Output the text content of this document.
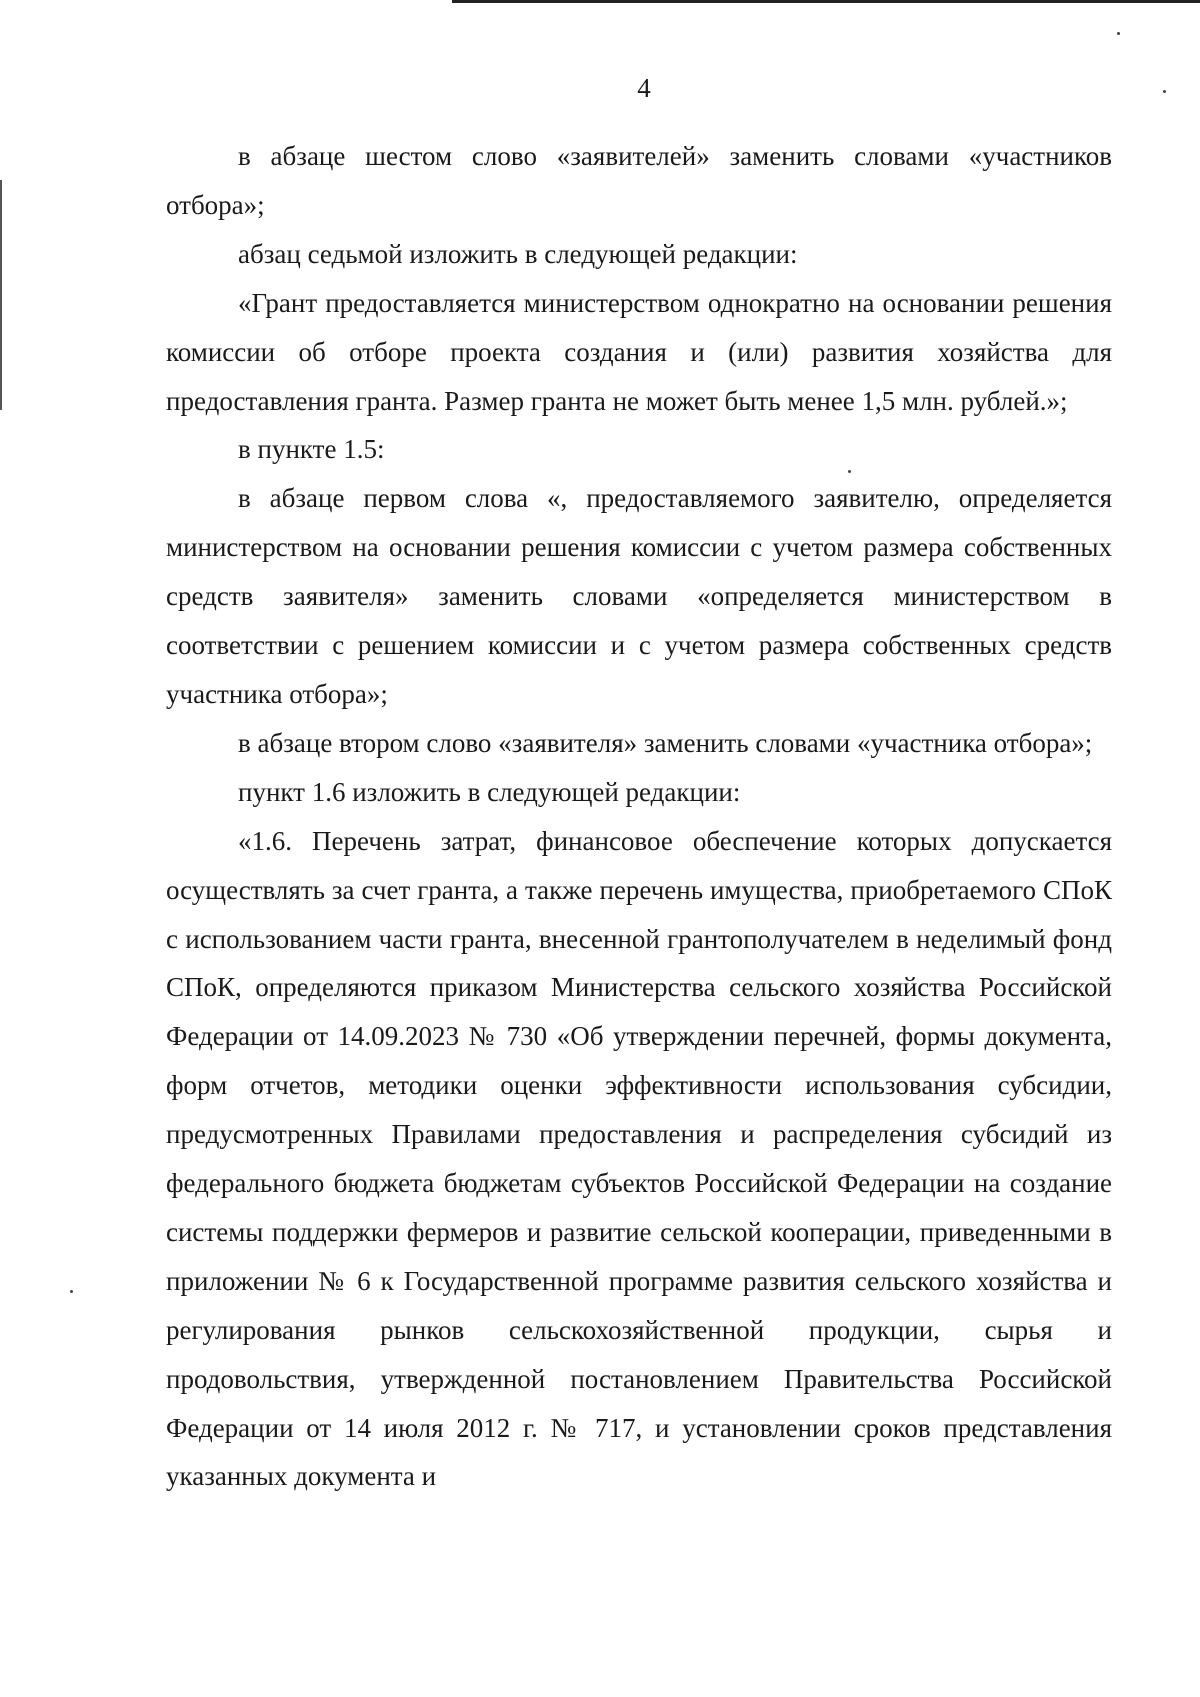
4

в абзаце шестом слово «заявителей» заменить словами «участников отбора»;

абзац седьмой изложить в следующей редакции:

«Грант предоставляется министерством однократно на основании решения комиссии об отборе проекта создания и (или) развития хозяйства для предоставления гранта. Размер гранта не может быть менее 1,5 млн. рублей.»;

в пункте 1.5:

в абзаце первом слова «, предоставляемого заявителю, определяется министерством на основании решения комиссии с учетом размера собственных средств заявителя» заменить словами «определяется министерством в соответствии с решением комиссии и с учетом размера собственных средств участника отбора»;

в абзаце втором слово «заявителя» заменить словами «участника отбора»;

пункт 1.6 изложить в следующей редакции:

«1.6. Перечень затрат, финансовое обеспечение которых допускается осуществлять за счет гранта, а также перечень имущества, приобретаемого СПоК с использованием части гранта, внесенной грантополучателем в неделимый фонд СПоК, определяются приказом Министерства сельского хозяйства Российской Федерации от 14.09.2023 № 730 «Об утверждении перечней, формы документа, форм отчетов, методики оценки эффективности использования субсидии, предусмотренных Правилами предоставления и распределения субсидий из федерального бюджета бюджетам субъектов Российской Федерации на создание системы поддержки фермеров и развитие сельской кооперации, приведенными в приложении № 6 к Государственной программе развития сельского хозяйства и регулирования рынков сельскохозяйственной продукции, сырья и продовольствия, утвержденной постановлением Правительства Российской Федерации от 14 июля 2012 г. № 717, и установлении сроков представления указанных документа и
